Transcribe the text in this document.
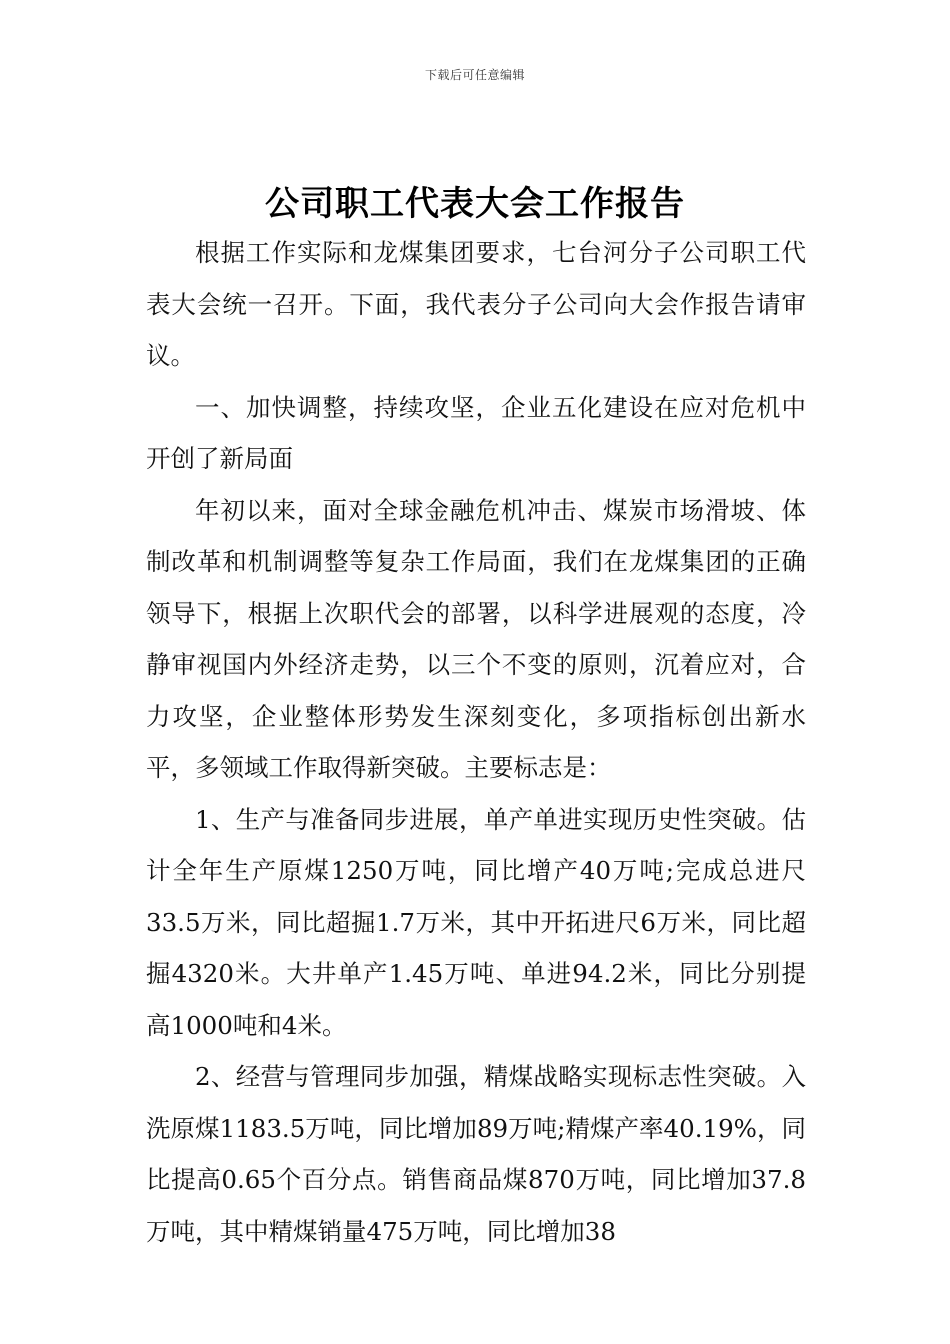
下载后可任意编辑
公司职工代表大会工作报告

根据工作实际和龙煤集团要求，七台河分子公司职工代表大会统一召开。下面，我代表分子公司向大会作报告请审议。

一、加快调整，持续攻坚，企业五化建设在应对危机中开创了新局面

年初以来，面对全球金融危机冲击、煤炭市场滑坡、体制改革和机制调整等复杂工作局面，我们在龙煤集团的正确领导下，根据上次职代会的部署，以科学进展观的态度，冷静审视国内外经济走势，以三个不变的原则，沉着应对，合力攻坚，企业整体形势发生深刻变化，多项指标创出新水平，多领域工作取得新突破。主要标志是：

1、生产与准备同步进展，单产单进实现历史性突破。估计全年生产原煤1250万吨，同比增产40万吨;完成总进尺33.5万米，同比超掘1.7万米，其中开拓进尺6万米，同比超掘4320米。大井单产1.45万吨、单进94.2米，同比分别提高1000吨和4米。

2、经营与管理同步加强，精煤战略实现标志性突破。入洗原煤1183.5万吨，同比增加89万吨;精煤产率40.19%，同比提高0.65个百分点。销售商品煤870万吨，同比增加37.8万吨，其中精煤销量475万吨，同比增加38
